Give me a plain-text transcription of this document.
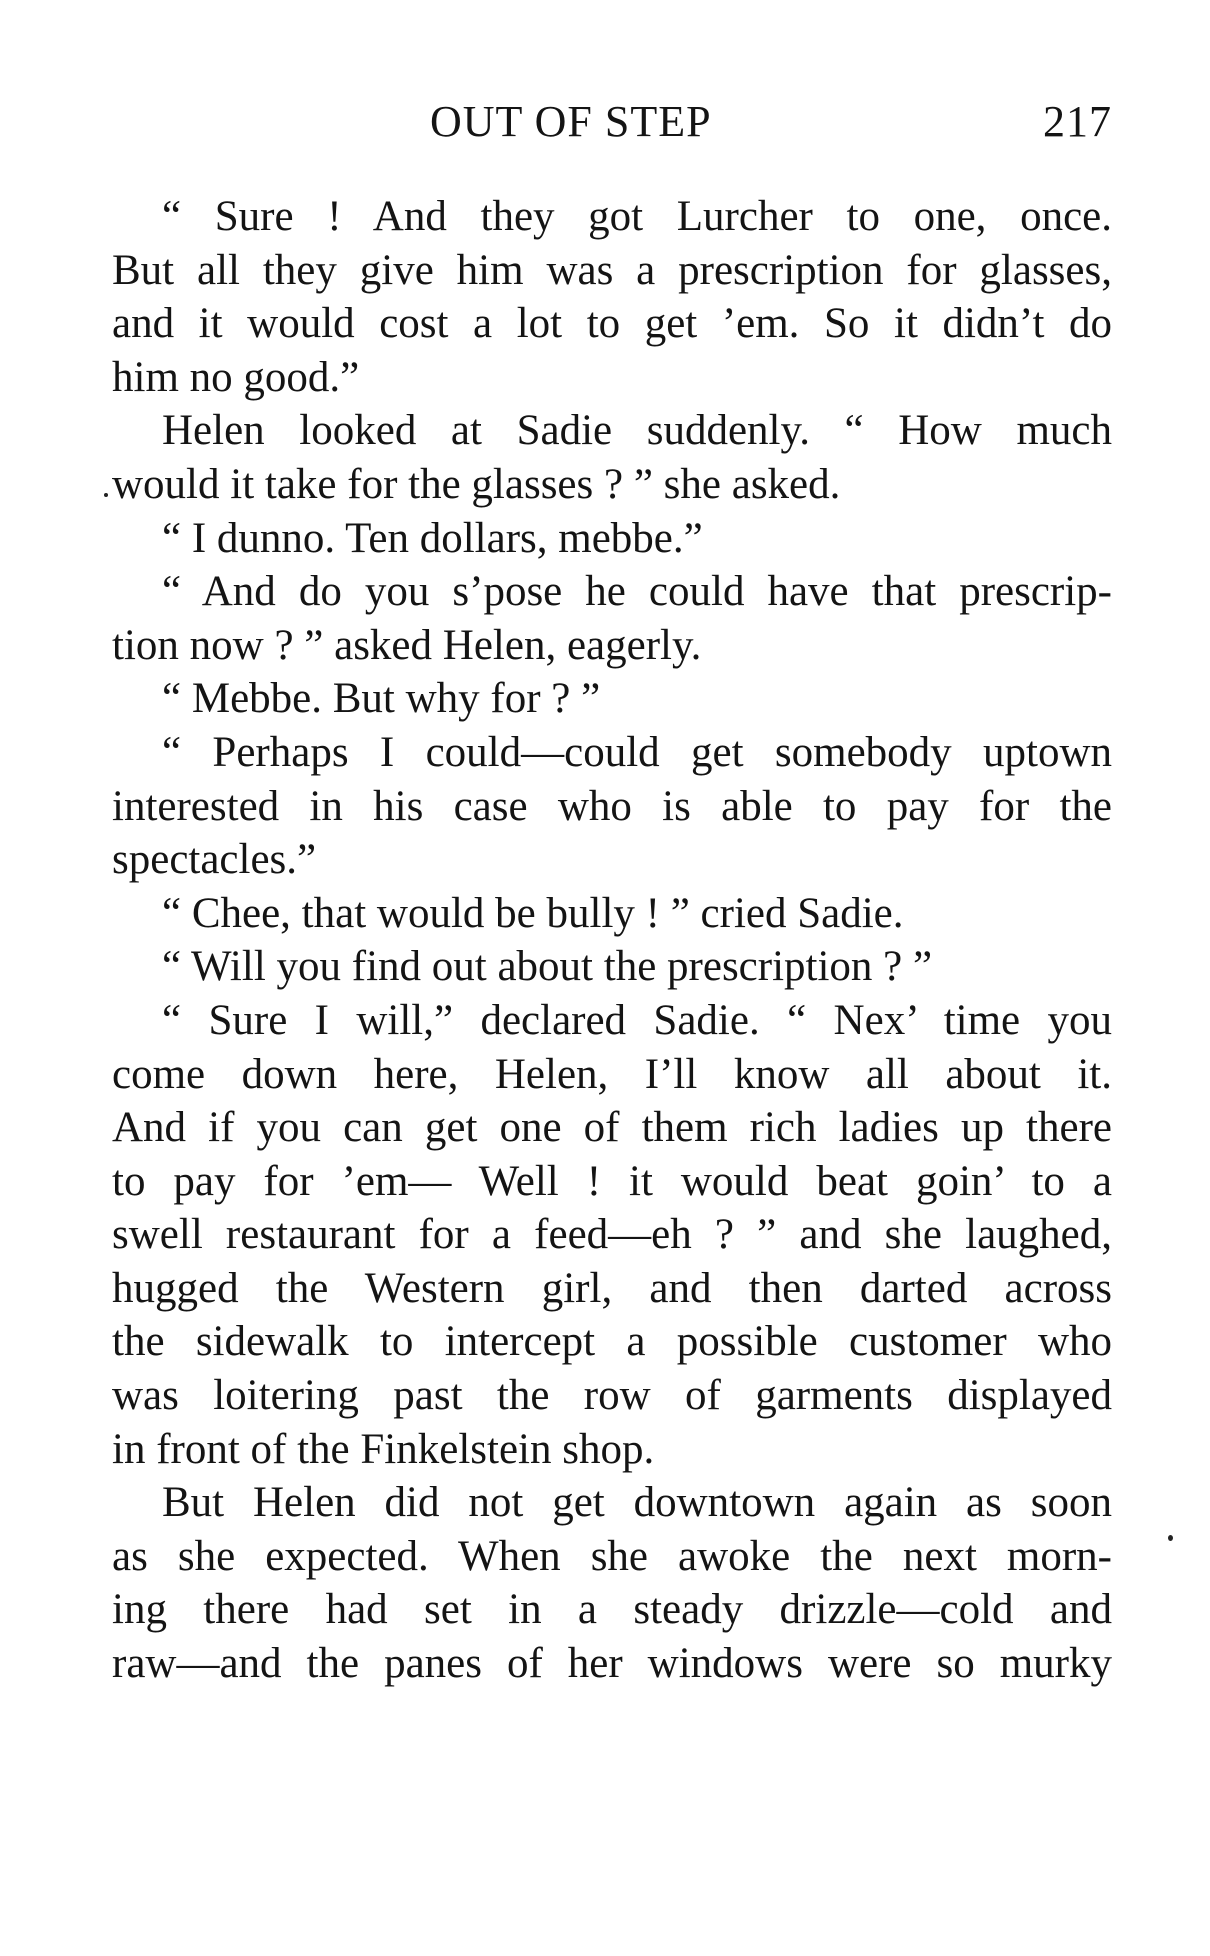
OUT OF STEP	217
“ Sure ! And they got Lurcher to one, once.
But all they give him was a prescription for glasses,
and it would cost a lot to get ’em. So it didn’t do
him no good.”
Helen looked at Sadie suddenly. “ How much
would it take for the glasses ? ” she asked.
“ I dunno. Ten dollars, mebbe.”
“ And do you s’pose he could have that prescrip-
tion now ? ” asked Helen, eagerly.
“ Mebbe. But why for ? ”
“ Perhaps I could—could get somebody uptown
interested in his case who is able to pay for the
spectacles.”
“ Chee, that would be bully ! ” cried Sadie.
“ Will you find out about the prescription ? ”
“ Sure I will,” declared Sadie. “ Nex’ time you
come down here, Helen, I’ll know all about it.
And if you can get one of them rich ladies up there
to pay for ’em— Well ! it would beat goin’ to a
swell restaurant for a feed—eh ? ” and she laughed,
hugged the Western girl, and then darted across
the sidewalk to intercept a possible customer who
was loitering past the row of garments displayed
in front of the Finkelstein shop.
But Helen did not get downtown again as soon
as she expected. When she awoke the next morn-
ing there had set in a steady drizzle—cold and
raw—and the panes of her windows were so murky
